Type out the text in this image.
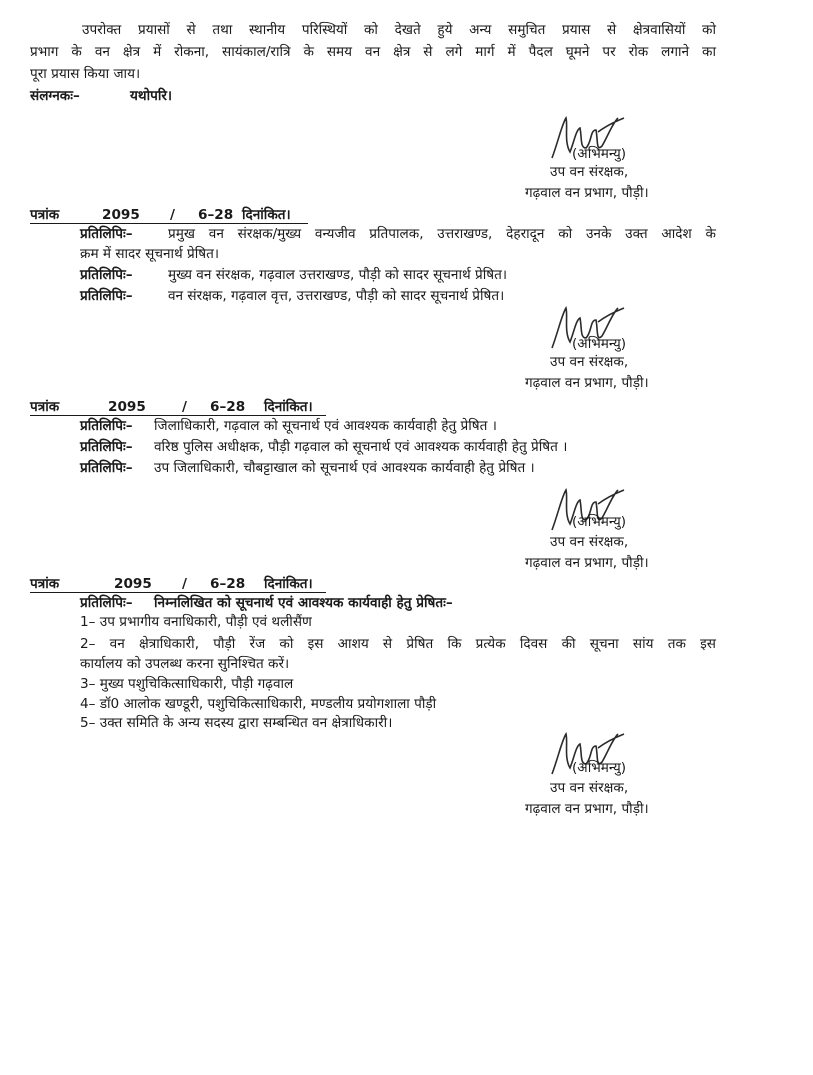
उपरोक्त प्रयासों से तथा स्थानीय परिस्थियों को देखते हुये अन्य समुचित प्रयास से क्षेत्रवासियों को
प्रभाग के वन क्षेत्र में रोकना, सायंकाल/रात्रि के समय वन क्षेत्र से लगे मार्ग में पैदल घूमने पर रोक लगाने का
पूरा प्रयास किया जाय।
संलग्नकः–	यथोपरि।
(अभिमन्यु)
उप वन संरक्षक,
गढ़वाल वन प्रभाग, पौड़ी।
पत्रांक	2095 / 6–28 दिनांकित।
प्रतिलिपिः–	प्रमुख वन संरक्षक/मुख्य वन्यजीव प्रतिपालक, उत्तराखण्ड, देहरादून को उनके उक्त आदेश के
क्रम में सादर सूचनार्थ प्रेषित।
प्रतिलिपिः–	मुख्य वन संरक्षक, गढ़वाल उत्तराखण्ड, पौड़ी को सादर सूचनार्थ प्रेषित।
प्रतिलिपिः–	वन संरक्षक, गढ़वाल वृत्त, उत्तराखण्ड, पौड़ी को सादर सूचनार्थ प्रेषित।
(अभिमन्यु)
उप वन संरक्षक,
गढ़वाल वन प्रभाग, पौड़ी।
पत्रांक	2095	/ 6–28 दिनांकित।
प्रतिलिपिः– जिलाधिकारी, गढ़वाल को सूचनार्थ एवं आवश्यक कार्यवाही हेतु प्रेषित ।
प्रतिलिपिः– वरिष्ठ पुलिस अधीक्षक, पौड़ी गढ़वाल को सूचनार्थ एवं आवश्यक कार्यवाही हेतु प्रेषित ।
प्रतिलिपिः– उप जिलाधिकारी, चौबट्टाखाल को सूचनार्थ एवं आवश्यक कार्यवाही हेतु प्रेषित ।
(अभिमन्यु)
उप वन संरक्षक,
गढ़वाल वन प्रभाग, पौड़ी।
पत्रांक	2095 / 6–28 दिनांकित।
प्रतिलिपिः– निम्नलिखित को सूचनार्थ एवं आवश्यक कार्यवाही हेतु प्रेषितः–
1– उप प्रभागीय वनाधिकारी, पौड़ी एवं थलीसैंण
2– वन क्षेत्राधिकारी, पौड़ी रेंज को इस आशय से प्रेषित कि प्रत्येक दिवस की सूचना सांय तक इस
कार्यालय को उपलब्ध करना सुनिश्चित करें।
3– मुख्य पशुचिकित्साधिकारी, पौड़ी गढ़वाल
4– डॉ0 आलोक खण्डूरी, पशुचिकित्साधिकारी, मण्डलीय प्रयोगशाला पौड़ी
5– उक्त समिति के अन्य सदस्य द्वारा सम्बन्धित वन क्षेत्राधिकारी।
(अभिमन्यु)
उप वन संरक्षक,
गढ़वाल वन प्रभाग, पौड़ी।
